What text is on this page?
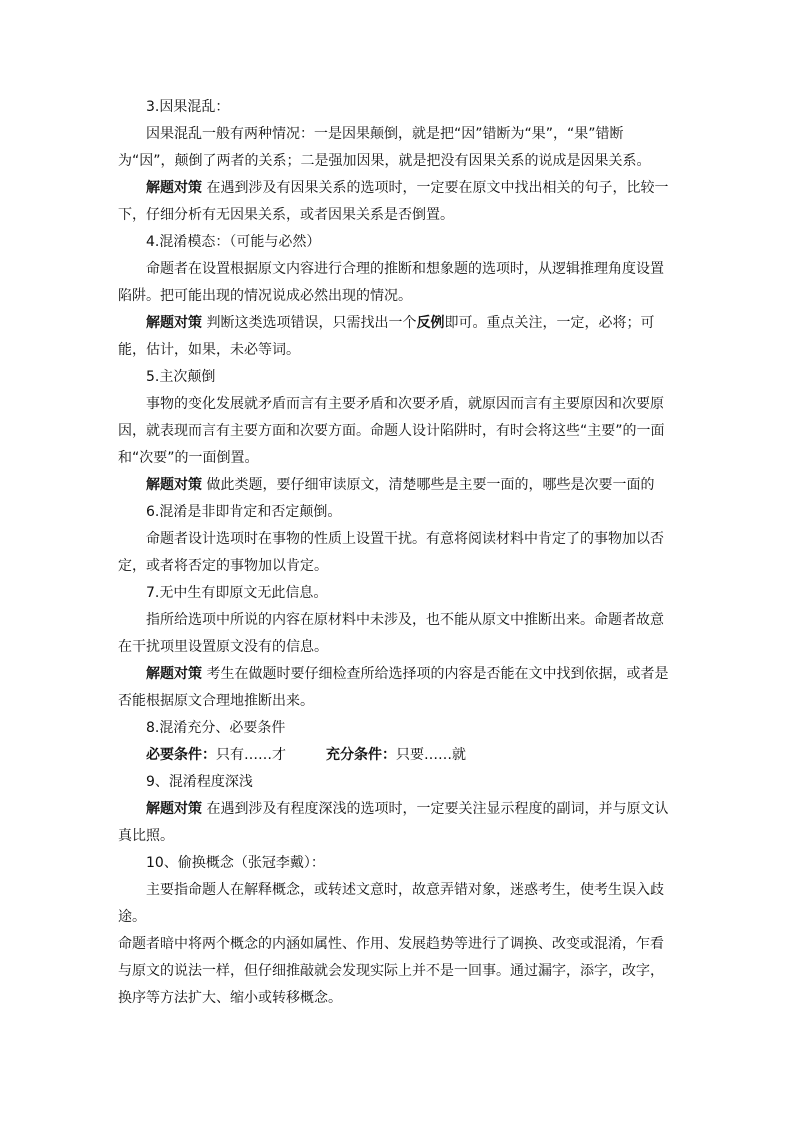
3.因果混乱：

因果混乱一般有两种情况：一是因果颠倒，就是把“因”错断为“果”，“果”错断为“因”，颠倒了两者的关系；二是强加因果，就是把没有因果关系的说成是因果关系。

解题对策 在遇到涉及有因果关系的选项时，一定要在原文中找出相关的句子，比较一下，仔细分析有无因果关系，或者因果关系是否倒置。

4.混淆模态：（可能与必然）

命题者在设置根据原文内容进行合理的推断和想象题的选项时，从逻辑推理角度设置陷阱。把可能出现的情况说成必然出现的情况。

解题对策 判断这类选项错误，只需找出一个反例即可。重点关注，一定，必将；可能，估计，如果，未必等词。

5.主次颠倒

事物的变化发展就矛盾而言有主要矛盾和次要矛盾，就原因而言有主要原因和次要原因，就表现而言有主要方面和次要方面。命题人设计陷阱时，有时会将这些“主要”的一面和“次要”的一面倒置。

解题对策 做此类题，要仔细审读原文，清楚哪些是主要一面的，哪些是次要一面的

6.混淆是非即肯定和否定颠倒。

命题者设计选项时在事物的性质上设置干扰。有意将阅读材料中肯定了的事物加以否定，或者将否定的事物加以肯定。

7.无中生有即原文无此信息。

指所给选项中所说的内容在原材料中未涉及，也不能从原文中推断出来。命题者故意在干扰项里设置原文没有的信息。

解题对策 考生在做题时要仔细检查所给选择项的内容是否能在文中找到依据，或者是否能根据原文合理地推断出来。

8.混淆充分、必要条件

必要条件：只有……才	充分条件：只要……就

9、混淆程度深浅

解题对策 在遇到涉及有程度深浅的选项时，一定要关注显示程度的副词，并与原文认真比照。

10、偷换概念（张冠李戴）：

主要指命题人在解释概念，或转述文意时，故意弄错对象，迷惑考生，使考生误入歧途。

命题者暗中将两个概念的内涵如属性、作用、发展趋势等进行了调换、改变或混淆，乍看与原文的说法一样，但仔细推敲就会发现实际上并不是一回事。通过漏字，添字，改字，换序等方法扩大、缩小或转移概念。
